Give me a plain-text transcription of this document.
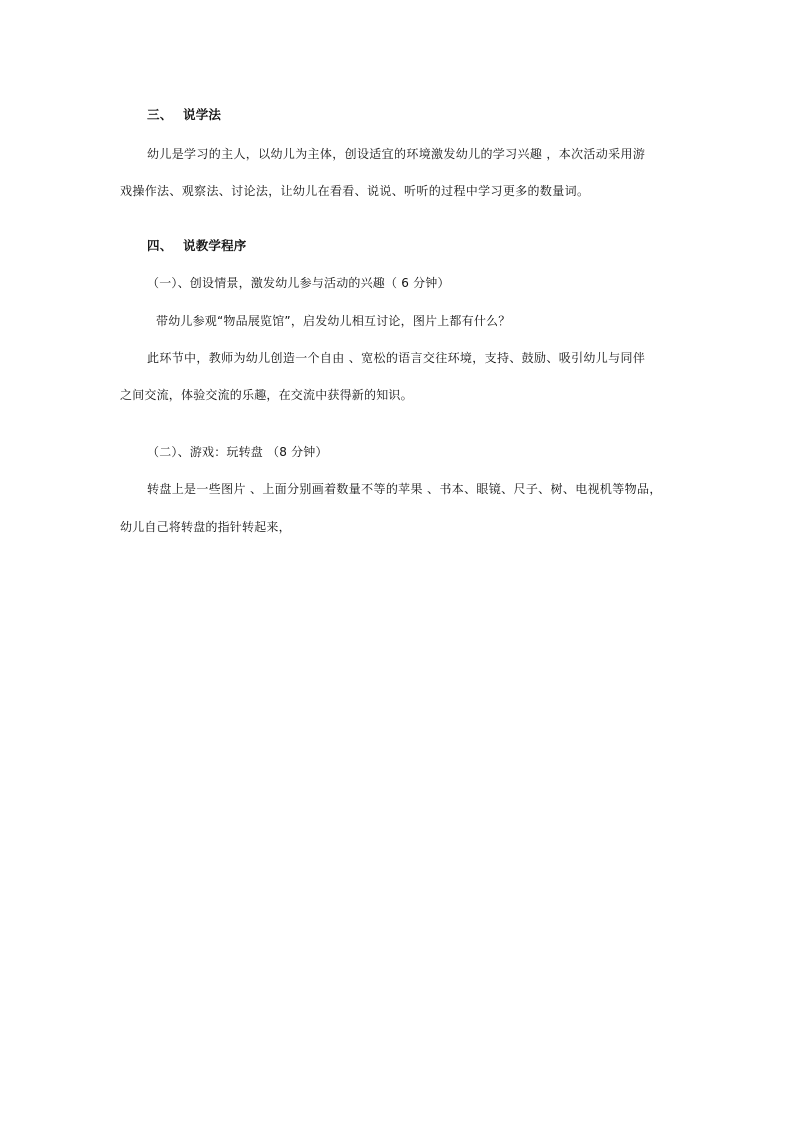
三、 说学法
幼儿是学习的主人，以幼儿为主体，创设适宜的环境激发幼儿的学习兴趣 ，本次活动采用游
戏操作法、观察法、讨论法，让幼儿在看看、说说、听听的过程中学习更多的数量词。
四、 说教学程序
（一）、创设情景，激发幼儿参与活动的兴趣（ 6 分钟）
带幼儿参观“物品展览馆”，启发幼儿相互讨论，图片上都有什么？
此环节中，教师为幼儿创造一个自由 、宽松的语言交往环境，支持、鼓励、吸引幼儿与同伴
之间交流，体验交流的乐趣，在交流中获得新的知识。
（二）、游戏：玩转盘 （8 分钟）
转盘上是一些图片 、上面分别画着数量不等的苹果 、书本、眼镜、尺子、树、电视机等物品，
幼儿自己将转盘的指针转起来，
